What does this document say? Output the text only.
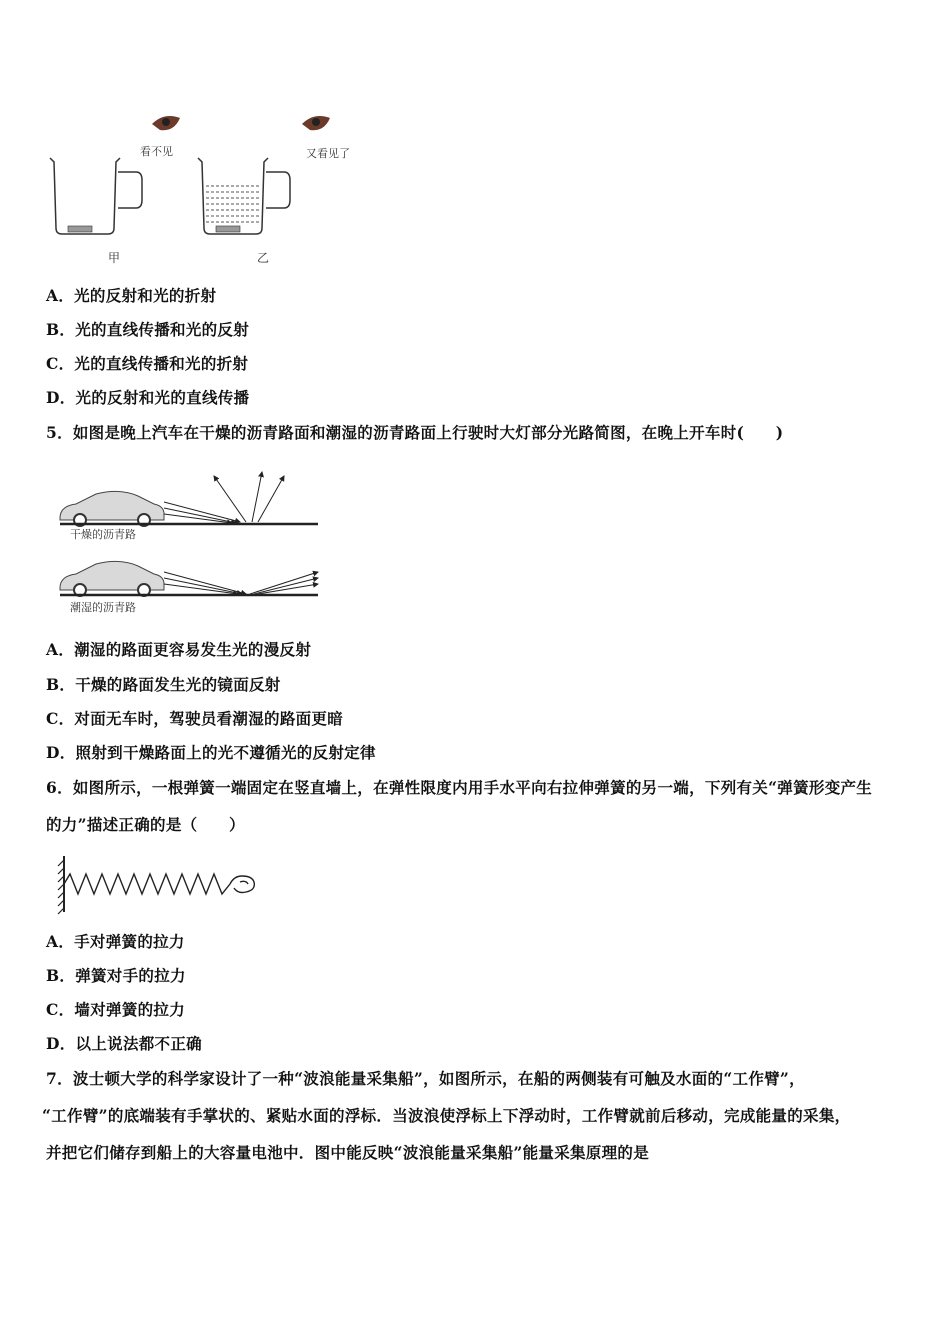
看不见
甲
又看见了
乙
A．光的反射和光的折射
B．光的直线传播和光的反射
C．光的直线传播和光的折射
D．光的反射和光的直线传播
5．如图是晚上汽车在干燥的沥青路面和潮湿的沥青路面上行驶时大灯部分光路简图，在晚上开车时(　　)
干燥的沥青路
潮湿的沥青路
A．潮湿的路面更容易发生光的漫反射
B．干燥的路面发生光的镜面反射
C．对面无车时，驾驶员看潮湿的路面更暗
D．照射到干燥路面上的光不遵循光的反射定律
6．如图所示，一根弹簧一端固定在竖直墙上，在弹性限度内用手水平向右拉伸弹簧的另一端，下列有关“弹簧形变产生
的力”描述正确的是（　　）
A．手对弹簧的拉力
B．弹簧对手的拉力
C．墙对弹簧的拉力
D．以上说法都不正确
7．波士顿大学的科学家设计了一种“波浪能量采集船”，如图所示，在船的两侧装有可触及水面的“工作臂”，
“工作臂”的底端装有手掌状的、紧贴水面的浮标．当波浪使浮标上下浮动时，工作臂就前后移动，完成能量的采集，
并把它们储存到船上的大容量电池中．图中能反映“波浪能量采集船”能量采集原理的是
